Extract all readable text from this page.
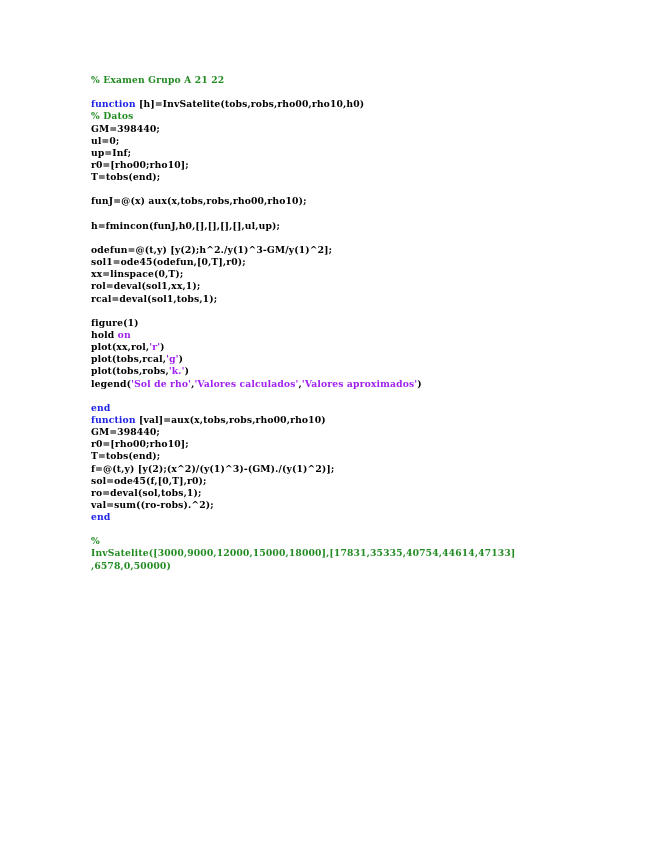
% Examen Grupo A 21 22
function [h]=InvSatelite(tobs,robs,rho00,rho10,h0)
% Datos
GM=398440;
ul=0;
up=Inf;
r0=[rho00;rho10];
T=tobs(end);
funJ=@(x) aux(x,tobs,robs,rho00,rho10);
h=fmincon(funJ,h0,[],[],[],[],ul,up);
odefun=@(t,y) [y(2);h^2./y(1)^3-GM/y(1)^2];
sol1=ode45(odefun,[0,T],r0);
xx=linspace(0,T);
rol=deval(sol1,xx,1);
rcal=deval(sol1,tobs,1);
figure(1)
hold on
plot(xx,rol,'r')
plot(tobs,rcal,'g')
plot(tobs,robs,'k.')
legend('Sol de rho','Valores calculados','Valores aproximados')
end
function [val]=aux(x,tobs,robs,rho00,rho10)
GM=398440;
r0=[rho00;rho10];
T=tobs(end);
f=@(t,y) [y(2);(x^2)/(y(1)^3)-(GM)./(y(1)^2)];
sol=ode45(f,[0,T],r0);
ro=deval(sol,tobs,1);
val=sum((ro-robs).^2);
end
%
InvSatelite([3000,9000,12000,15000,18000],[17831,35335,40754,44614,47133]
,6578,0,50000)
